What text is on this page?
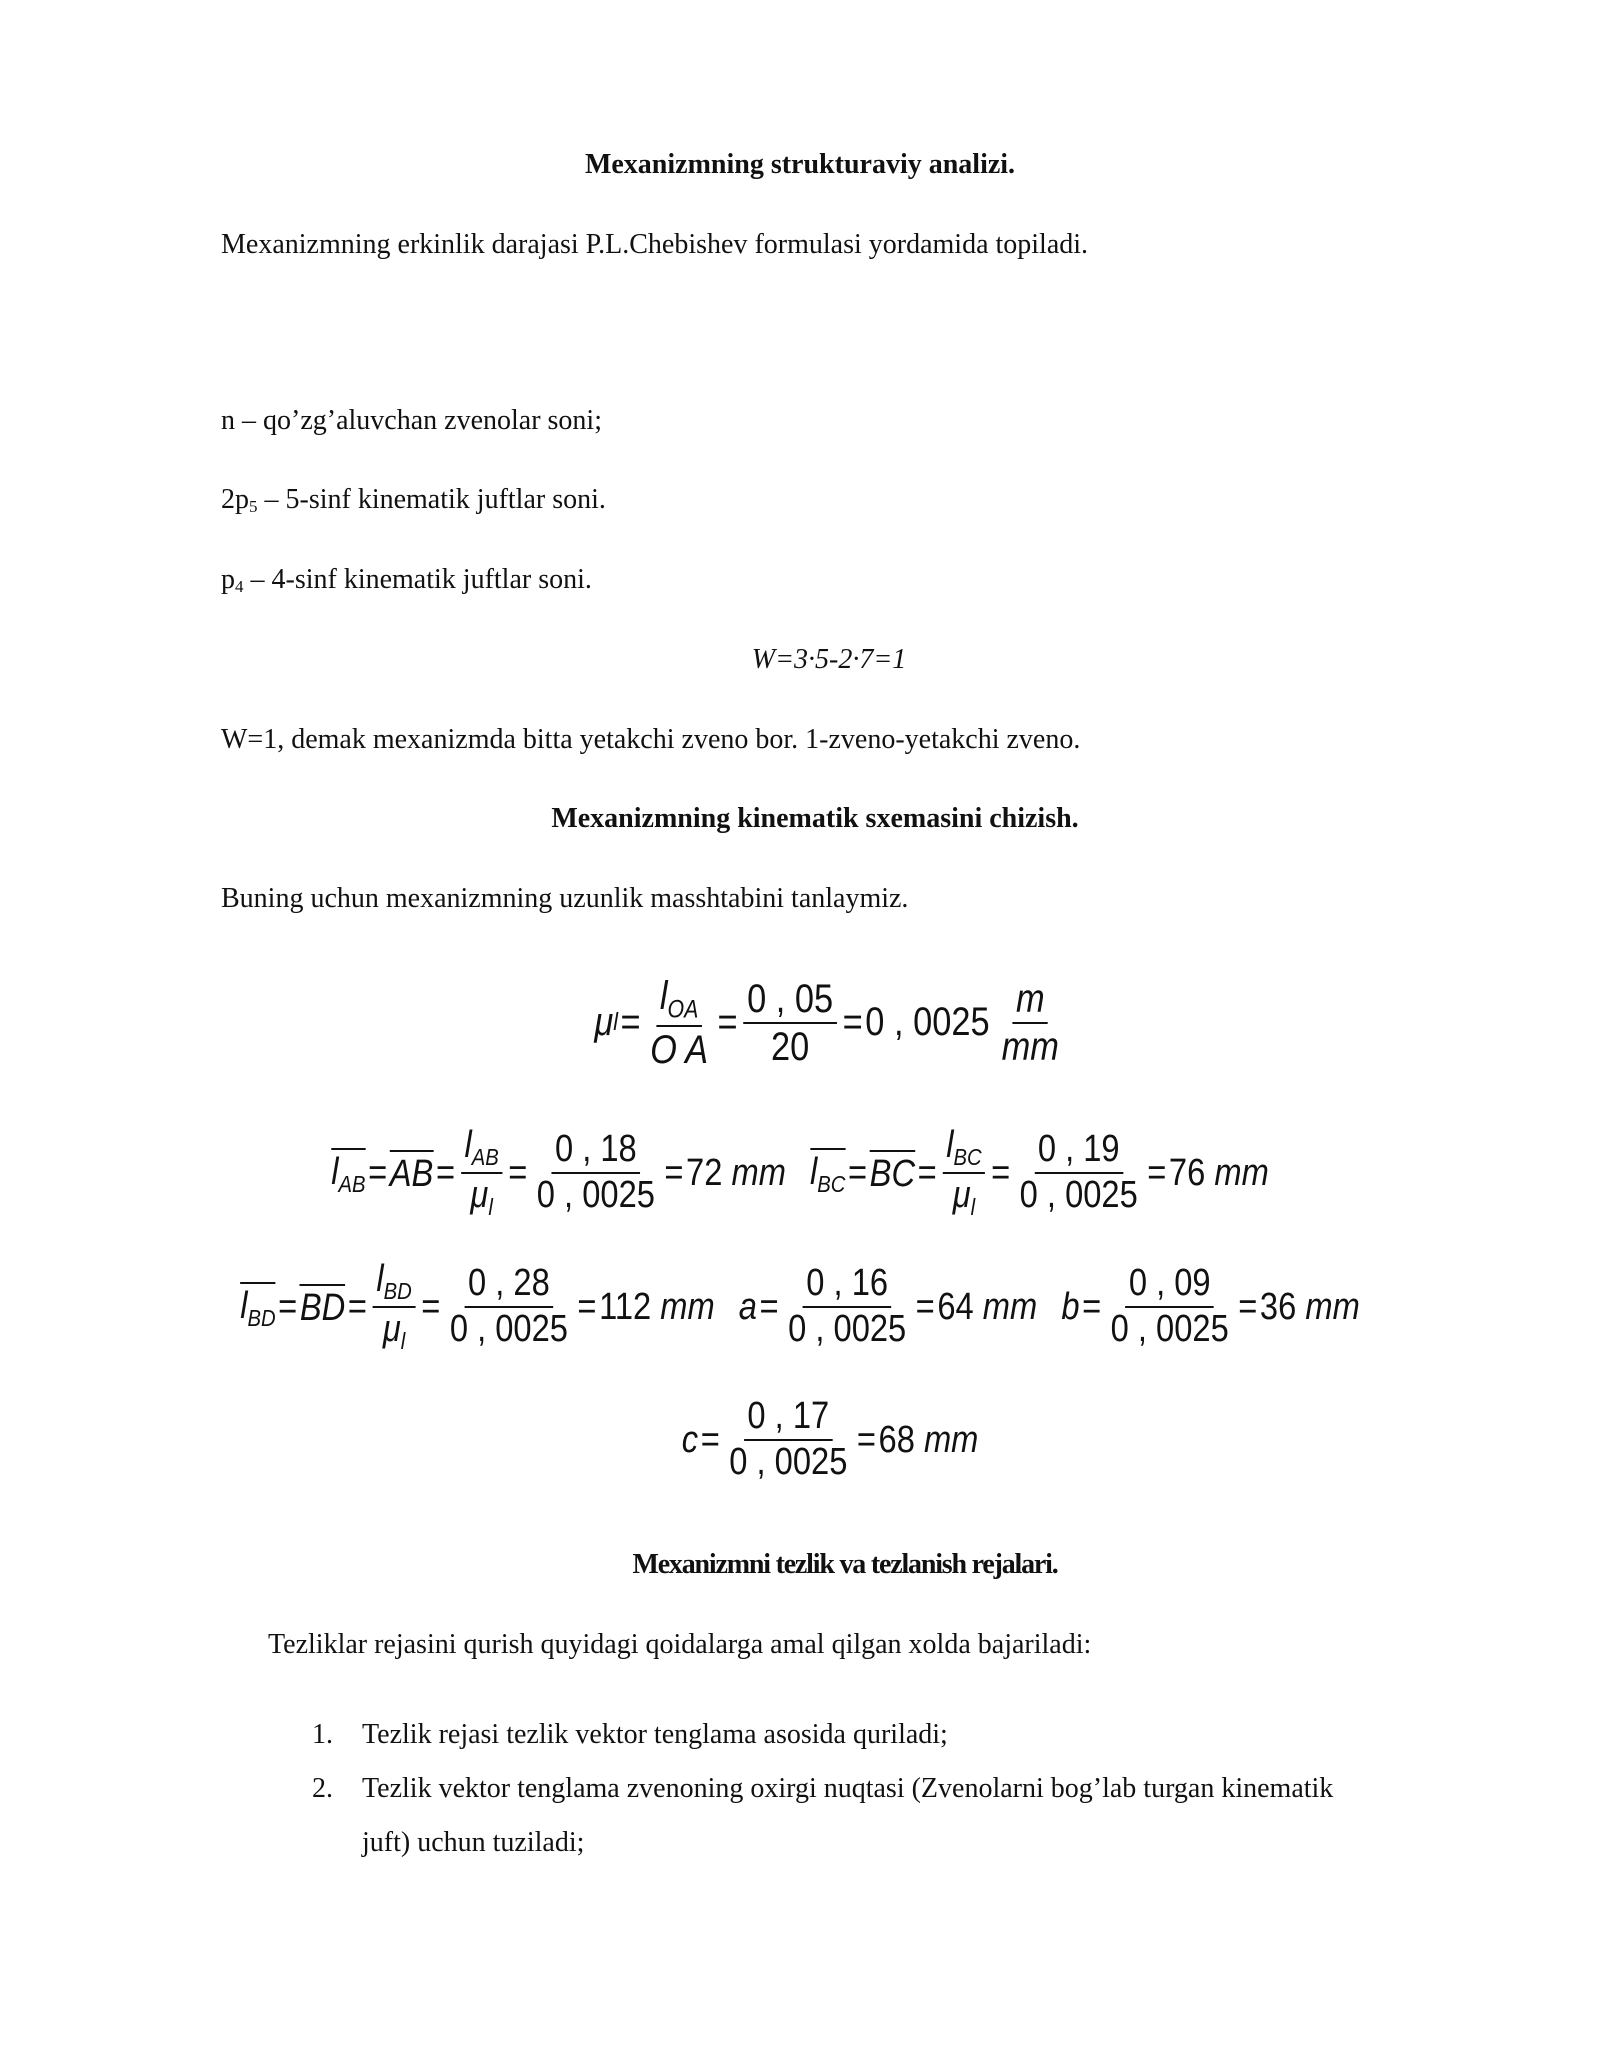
Mexanizmning strukturaviy analizi.
Mexanizmning erkinlik darajasi P.L.Chebishev formulasi yordamida topiladi.
n – qo’zg’aluvchan zvenolar soni;
$2p_5 - 5-\sin f$ kinematik juftlar soni.
$p_4 - 4-\sin f$ kinematik juftlar soni.
W=3·5-2·7=1
W=1, demak mexanizmda bitta yetakchi zveno bor. 1-zveno-yetakchi zveno.
Mexanizmning kinematik sxemasini chizish.
Buning uchun mexanizmning uzunlik masshtabini tanlaymiz.
μ $l = \frac{l_{OA}}{\text{O A}} = \frac{0 , 05}{20} = 0$ , $0025 \frac{m}{mm}$
$l_{AB}$ = AB = $\frac{l_{AB}}{\mu_l} = \frac{0 , 18}{0 , 0025} = 72$
mm $l_{BC}$ = BC = $\frac{l_{BC}}{\mu_l} = \frac{0 , 19}{0 , 0025} = 76$
mm
$l_{BD}$ = BD = $\frac{l_{BD}}{\mu_l} = \frac{0 , 28}{0 , 0025} = 112$
mm $a = \frac{0 , 16}{0 , 0025} = 64$
mm $b = \frac{0 , 09}{0 , 0025} = 36$
mm
$c = \frac{0 , 17}{0 , 0025} = 68$
mm
Mexanizmni tezlik va tezlanish rejalari.
Tezliklar rejasini qurish quyidagi qoidalarga amal qilgan xolda bajariladi:
1. Tezlik rejasi tezlik vektor tenglama asosida quriladi;
2. Tezlik vektor tenglama zvenoning oxirgi nuqtasi (Zvenolarni bog’lab turgan kinematik
juft) uchun tuziladi;
